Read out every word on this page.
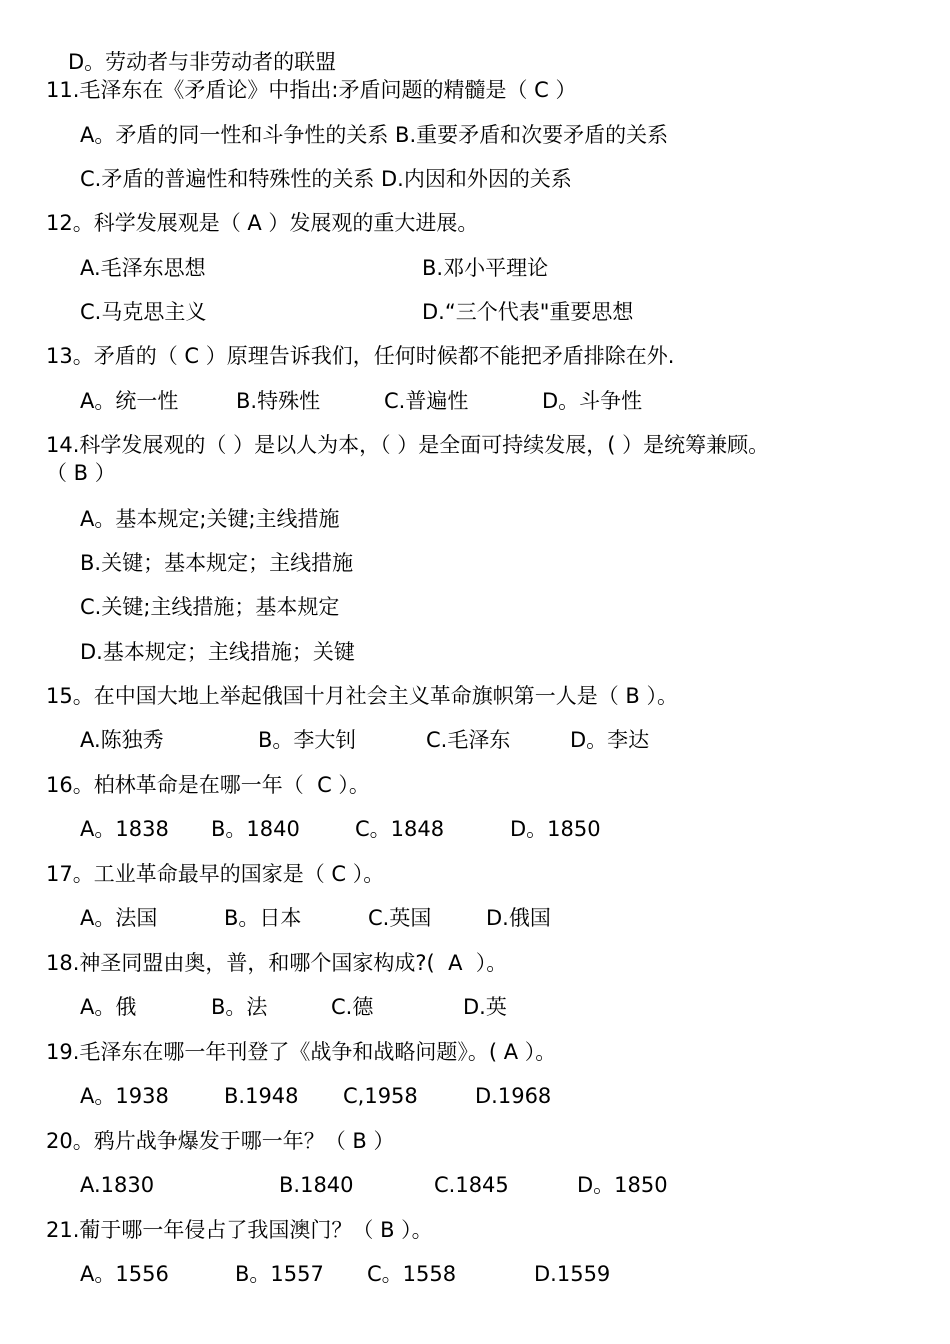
D。劳动者与非劳动者的联盟
11.毛泽东在《矛盾论》中指出:矛盾问题的精髓是（ C ）
A。矛盾的同一性和斗争性的关系 B.重要矛盾和次要矛盾的关系
C.矛盾的普遍性和特殊性的关系 D.内因和外因的关系
12。科学发展观是（ A ）发展观的重大进展。
A.毛泽东思想	B.邓小平理论
C.马克思主义	D.“三个代表"重要思想
13。矛盾的（ C ）原理告诉我们，任何时候都不能把矛盾排除在外.
A。统一性	B.特殊性	C.普遍性	D。斗争性
14.科学发展观的（ ）是以人为本，（ ）是全面可持续发展，( ）是统筹兼顾。
（ B ）
A。基本规定;关键;主线措施
B.关键；基本规定；主线措施
C.关键;主线措施；基本规定
D.基本规定；主线措施；关键
15。在中国大地上举起俄国十月社会主义革命旗帜第一人是（ B ）。
A.陈独秀	B。李大钊	C.毛泽东	D。李达
16。柏林革命是在哪一年（  C ）。
A。1838 B。1840	C。1848	D。1850
17。工业革命最早的国家是（ C ）。
A。法国	B。日本	C.英国	D.俄国
18.神圣同盟由奥，普，和哪个国家构成?(  A  ）。
A。俄	B。法	C.德	D.英
19.毛泽东在哪一年刊登了《战争和战略问题》。( A ）。
A。1938	B.1948 C,1958	D.1968
20。鸦片战争爆发于哪一年？（ B ）
A.1830	B.1840	C.1845	D。1850
21.葡于哪一年侵占了我国澳门？（ B ）。
A。1556	B。1557 C。1558	D.1559
